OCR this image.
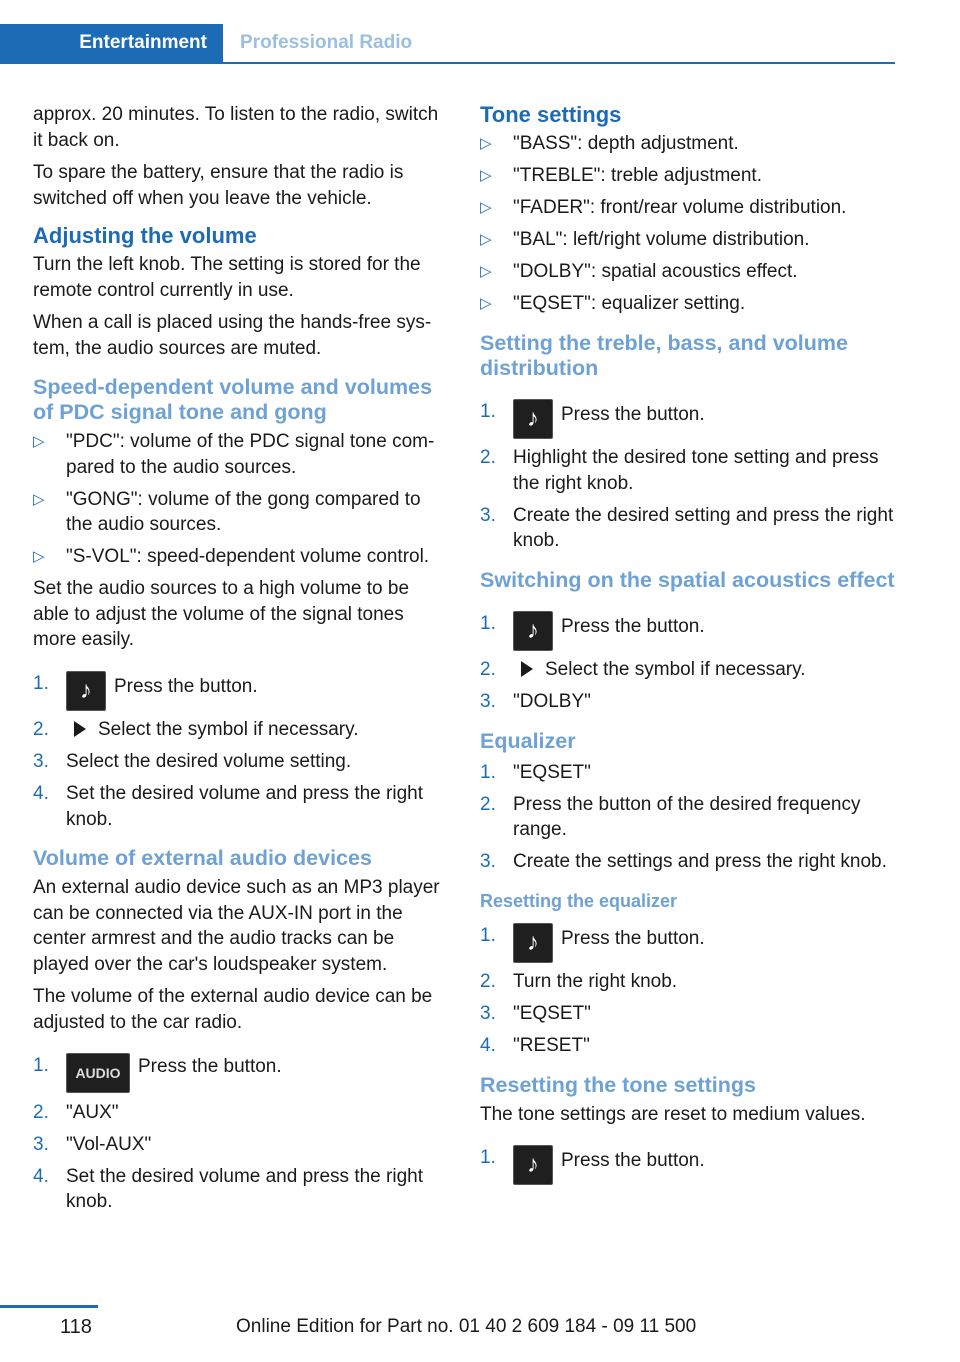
Entertainment Professional Radio

approx. 20 minutes. To listen to the radio, switch it back on.

To spare the battery, ensure that the radio is switched off when you leave the vehicle.

Adjusting the volume

Turn the left knob. The setting is stored for the remote control currently in use.

When a call is placed using the hands-free system, the audio sources are muted.

Speed-dependent volume and volumes of PDC signal tone and gong
▷ "PDC": volume of the PDC signal tone compared to the audio sources.
▷ "GONG": volume of the gong compared to the audio sources.
▷ "S-VOL": speed-dependent volume control.

Set the audio sources to a high volume to be able to adjust the volume of the signal tones more easily.

1. ♪ Press the button.
2.	Select the symbol if necessary.
3. Select the desired volume setting.
4. Set the desired volume and press the right knob.
Volume of external audio devices

An external audio device such as an MP3 player can be connected via the AUX-IN port in the center armrest and the audio tracks can be played over the car's loudspeaker system.

The volume of the external audio device can be adjusted to the car radio.

1. AUDIO Press the button.
2. "AUX"
3. "Vol-AUX"
4. Set the desired volume and press the right knob.
Tone settings
▷ "BASS": depth adjustment.
▷ "TREBLE": treble adjustment.
▷ "FADER": front/rear volume distribution.
▷ "BAL": left/right volume distribution.
▷ "DOLBY": spatial acoustics effect.
▷ "EQSET": equalizer setting.
Setting the treble, bass, and volume distribution
1. ♪ Press the button.
2. Highlight the desired tone setting and press the right knob.
3. Create the desired setting and press the right knob.
Switching on the spatial acoustics effect
1. ♪ Press the button.
2.	Select the symbol if necessary.
3. "DOLBY"
Equalizer
1. "EQSET"
2. Press the button of the desired frequency range.
3. Create the settings and press the right knob.
Resetting the equalizer
1. ♪ Press the button.
2. Turn the right knob.
3. "EQSET"
4. "RESET"
Resetting the tone settings

The tone settings are reset to medium values.

1. ♪ Press the button.
118	Online Edition for Part no. 01 40 2 609 184 - 09 11 500
